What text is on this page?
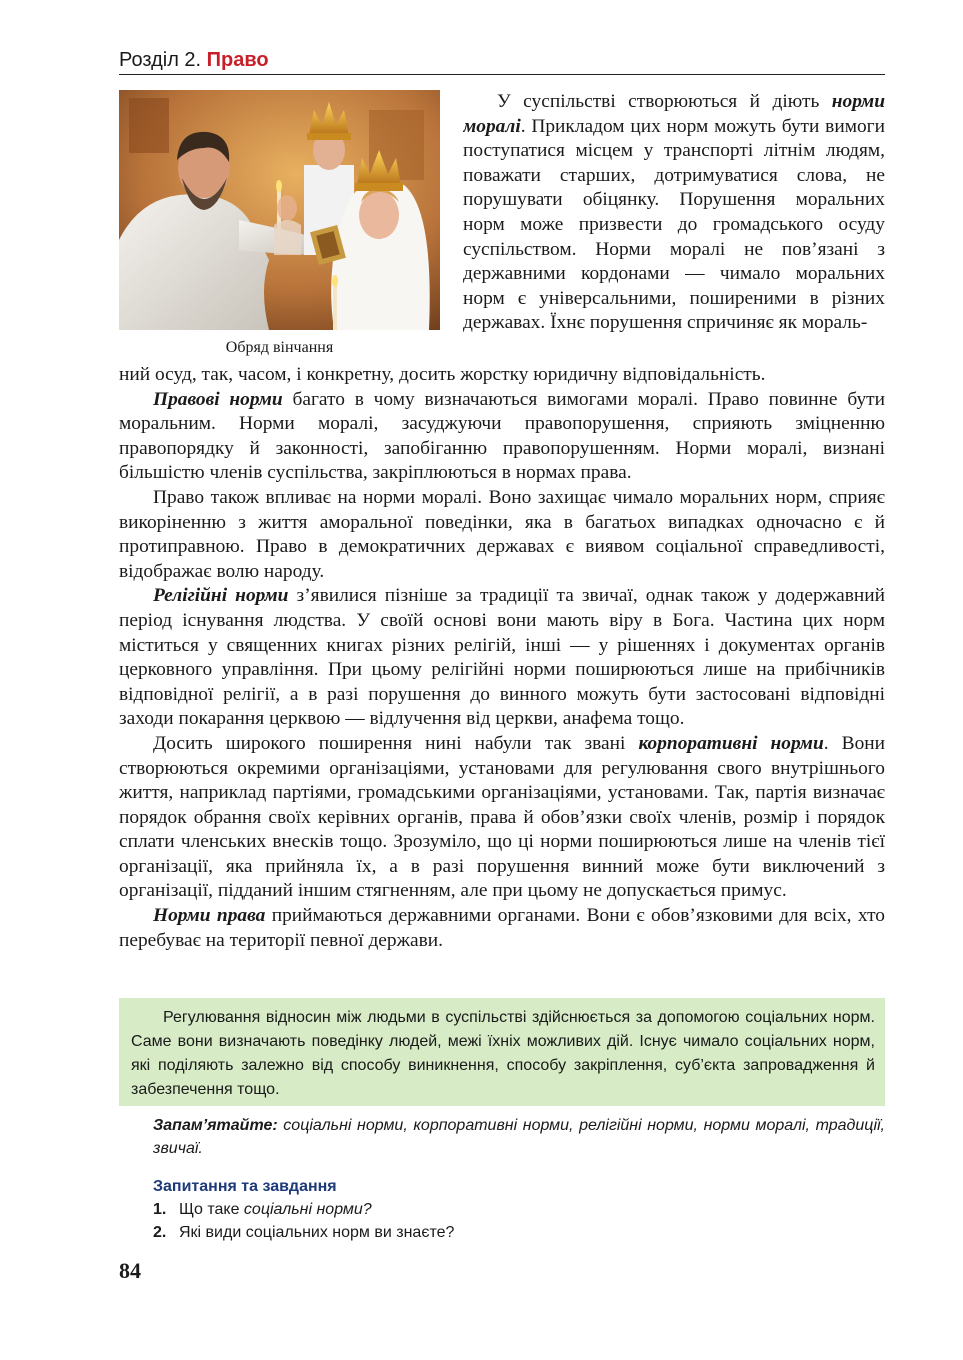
Розділ 2. Право
Обряд вінчання

У суспільстві створюються й діють норми моралі. Прикладом цих норм можуть бути вимоги поступатися місцем у транспорті літнім людям, поважати старших, дотримуватися слова, не порушувати обіцянку. Порушення моральних норм може призвести до громадського осуду суспільством. Норми моралі не пов’язані з державними кордонами — чимало моральних норм є універсальними, поширеними в різних державах. Їхнє порушення спричиняє як мораль-

ний осуд, так, часом, і конкретну, досить жорстку юридичну відповідальність.

Правові норми багато в чому визначаються вимогами моралі. Право повинне бути моральним. Норми моралі, засуджуючи правопорушення, сприяють зміцненню правопорядку й законності, запобіганню правопорушенням. Норми моралі, визнані більшістю членів суспільства, закріплюються в нормах права.

Право також впливає на норми моралі. Воно захищає чимало моральних норм, сприяє викоріненню з життя аморальної поведінки, яка в багатьох випадках одночасно є й протиправною. Право в демократичних державах є виявом соціальної справедливості, відображає волю народу.

Релігійні норми з’явилися пізніше за традиції та звичаї, однак також у додержавний період існування людства. У своїй основі вони мають віру в Бога. Частина цих норм міститься у священних книгах різних релігій, інші — у рішеннях і документах органів церковного управління. При цьому релігійні норми поширюються лише на прибічників відповідної релігії, а в разі порушення до винного можуть бути застосовані відповідні заходи покарання церквою — відлучення від церкви, анафема тощо.

Досить широкого поширення нині набули так звані корпоративні норми. Вони створюються окремими організаціями, установами для регулювання свого внутрішнього життя, наприклад партіями, громадськими організаціями, установами. Так, партія визначає порядок обрання своїх керівних органів, права й обов’язки своїх членів, розмір і порядок сплати членських внесків тощо. Зрозуміло, що ці норми поширюються лише на членів тієї організації, яка прийняла їх, а в разі порушення винний може бути виключений з організації, підданий іншим стягненням, але при цьому не допускається примус.

Норми права приймаються державними органами. Вони є обов’язковими для всіх, хто перебуває на території певної держави.

Регулювання відносин між людьми в суспільстві здійснюється за допомогою соціальних норм. Саме вони визначають поведінку людей, межі їхніх можливих дій. Існує чимало соціальних норм, які поділяють залежно від способу виникнення, способу закріплення, суб’єкта запровадження й забезпечення тощо.

Запам’ятайте: соціальні норми, корпоративні норми, релігійні норми, норми моралі, традиції, звичаї.
Запитання та завдання
1. Що таке соціальні норми?
2. Які види соціальних норм ви знаєте?
84
